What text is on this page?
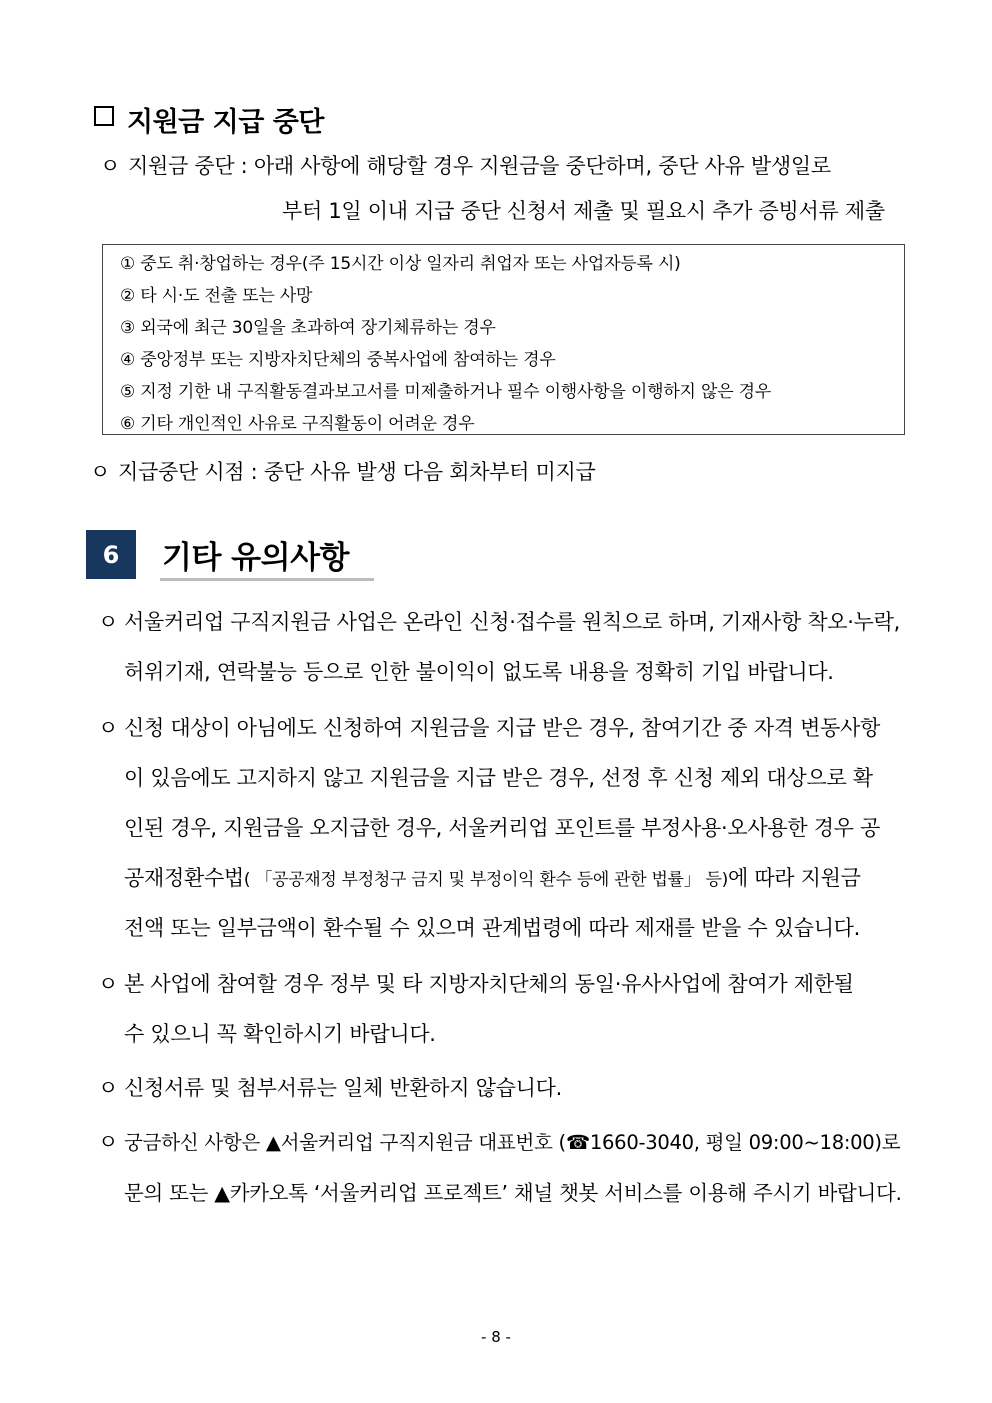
지원금 지급 중단
ㅇ 지원금 중단 : 아래 사항에 해당할 경우 지원금을 중단하며, 중단 사유 발생일로
부터 1일 이내 지급 중단 신청서 제출 및 필요시 추가 증빙서류 제출
① 중도 취·창업하는 경우(주 15시간 이상 일자리 취업자 또는 사업자등록 시)
② 타 시·도 전출 또는 사망
③ 외국에 최근 30일을 초과하여 장기체류하는 경우
④ 중앙정부 또는 지방자치단체의 중복사업에 참여하는 경우
⑤ 지정 기한 내 구직활동결과보고서를 미제출하거나 필수 이행사항을 이행하지 않은 경우
⑥ 기타 개인적인 사유로 구직활동이 어려운 경우
ㅇ 지급중단 시점 : 중단 사유 발생 다음 회차부터 미지급
6	기타 유의사항
ㅇ 서울커리업 구직지원금 사업은 온라인 신청·접수를 원칙으로 하며, 기재사항 착오·누락,
허위기재, 연락불능 등으로 인한 불이익이 없도록 내용을 정확히 기입 바랍니다.
ㅇ 신청 대상이 아님에도 신청하여 지원금을 지급 받은 경우, 참여기간 중 자격 변동사항
이 있음에도 고지하지 않고 지원금을 지급 받은 경우, 선정 후 신청 제외 대상으로 확
인된 경우, 지원금을 오지급한 경우, 서울커리업 포인트를 부정사용·오사용한 경우 공
공재정환수법( 「공공재정 부정청구 금지 및 부정이익 환수 등에 관한 법률」 등)에 따라 지원금
전액 또는 일부금액이 환수될 수 있으며 관계법령에 따라 제재를 받을 수 있습니다.
ㅇ 본 사업에 참여할 경우 정부 및 타 지방자치단체의 동일·유사사업에 참여가 제한될
수 있으니 꼭 확인하시기 바랍니다.
ㅇ 신청서류 및 첨부서류는 일체 반환하지 않습니다.
ㅇ 궁금하신 사항은 ▲서울커리업 구직지원금 대표번호 (☎1660-3040, 평일 09:00~18:00)로
문의 또는 ▲카카오톡 ‘서울커리업 프로젝트’ 채널 챗봇 서비스를 이용해 주시기 바랍니다.
- 8 -
